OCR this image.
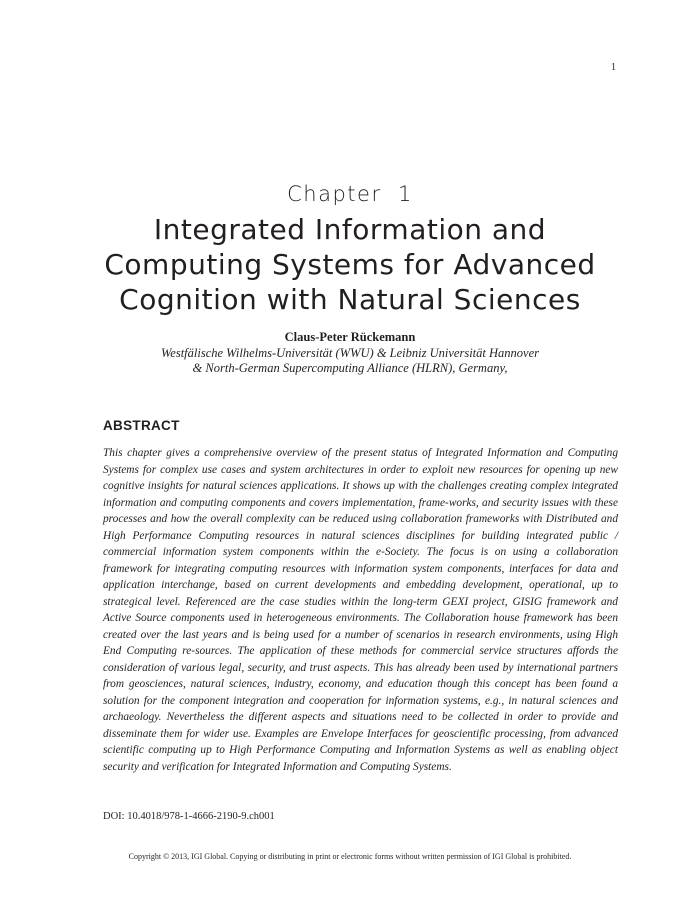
1
Chapter 1
Integrated Information and
Computing Systems for Advanced
Cognition with Natural Sciences
Claus-Peter Rückemann
Westfälische Wilhelms-Universität (WWU) & Leibniz Universität Hannover
& North-German Supercomputing Alliance (HLRN), Germany,
ABSTRACT
This chapter gives a comprehensive overview of the present status of Integrated Information and Computing Systems for complex use cases and system architectures in order to exploit new resources for opening up new cognitive insights for natural sciences applications. It shows up with the challenges creating complex integrated information and computing components and covers implementation, frame-works, and security issues with these processes and how the overall complexity can be reduced using collaboration frameworks with Distributed and High Performance Computing resources in natural sciences disciplines for building integrated public / commercial information system components within the e-Society. The focus is on using a collaboration framework for integrating computing resources with information system components, interfaces for data and application interchange, based on current developments and embedding development, operational, up to strategical level. Referenced are the case studies within the long-term GEXI project, GISIG framework and Active Source components used in heterogeneous environments. The Collaboration house framework has been created over the last years and is being used for a number of scenarios in research environments, using High End Computing re-sources. The application of these methods for commercial service structures affords the consideration of various legal, security, and trust aspects. This has already been used by international partners from geosciences, natural sciences, industry, economy, and education though this concept has been found a solution for the component integration and cooperation for information systems, e.g., in natural sciences and archaeology. Nevertheless the different aspects and situations need to be collected in order to provide and disseminate them for wider use. Examples are Envelope Interfaces for geoscientific processing, from advanced scientific computing up to High Performance Computing and Information Systems as well as enabling object security and verification for Integrated Information and Computing Systems.
DOI: 10.4018/978-1-4666-2190-9.ch001
Copyright © 2013, IGI Global. Copying or distributing in print or electronic forms without written permission of IGI Global is prohibited.
